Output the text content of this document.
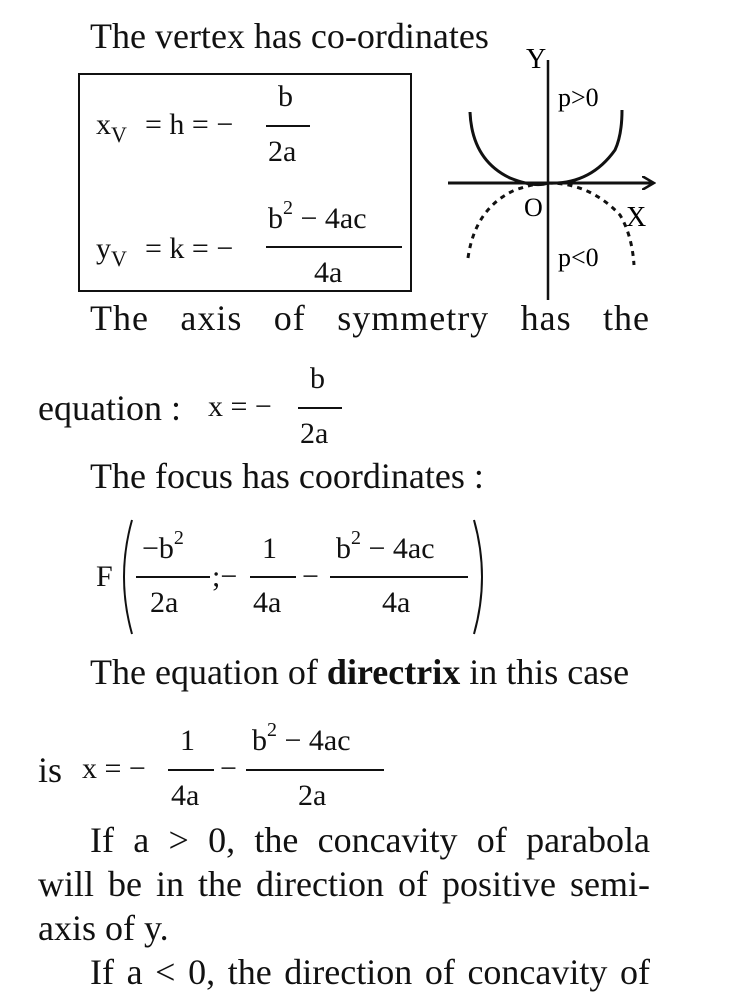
The vertex has co-ordinates
$x_V = h$ = −
b
2a
$y_V = k$ = −
$b^2 - 4ac$
4a
Y
X
O
p>0
p<0
The axis of symmetry has the
equation : x = −
b
2a
The focus has coordinates :
F
$-b^2$
2a
;−
1
4a
−
$b^2 - 4ac$
4a
The equation of directrix in this case
is x = −
1
4a
−
$b^2 - 4ac$
2a
If a > 0, the concavity of parabola
will be in the direction of positive semi-
axis of y.
If a < 0, the direction of concavity of
